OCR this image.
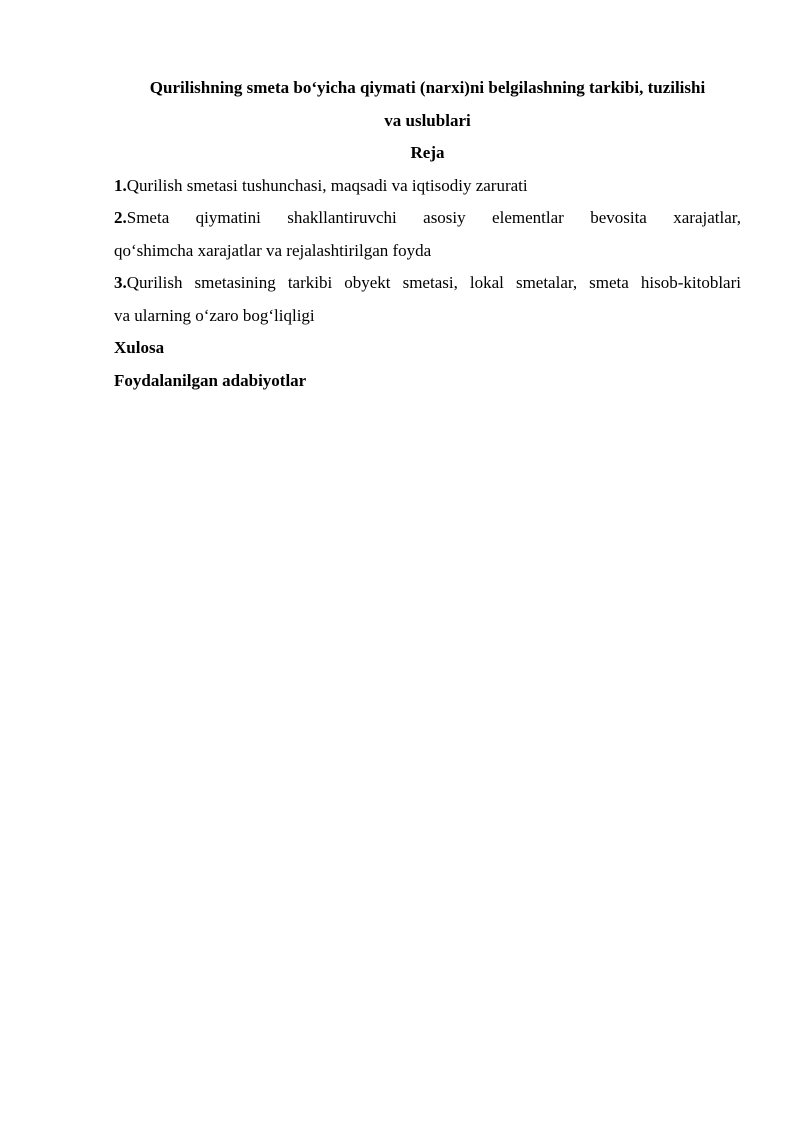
Qurilishning smeta bo‘yicha qiymati (narxi)ni belgilashning tarkibi, tuzilishi
va uslublari
Reja
1.Qurilish smetasi tushunchasi, maqsadi va iqtisodiy zarurati
2.Smeta qiymatini shakllantiruvchi asosiy elementlar bevosita xarajatlar,
qo‘shimcha xarajatlar va rejalashtirilgan foyda
3.Qurilish smetasining tarkibi obyekt smetasi, lokal smetalar, smeta hisob-kitoblari
va ularning o‘zaro bog‘liqligi
Xulosa
Foydalanilgan adabiyotlar
